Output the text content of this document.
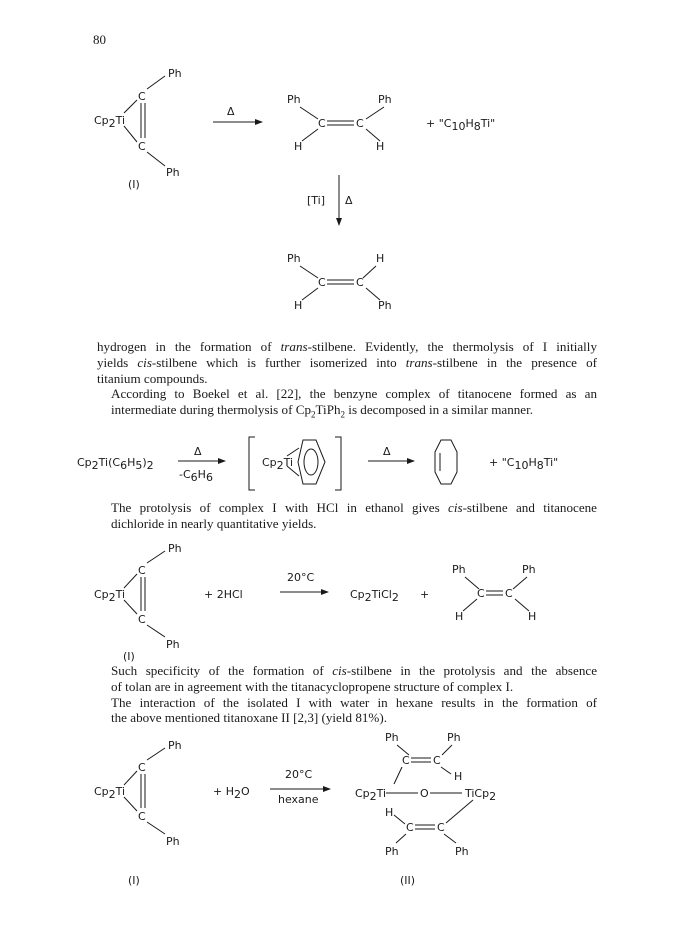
80
Cp2Ti
C
C
Ph
Ph
(I)
Δ
Ph	Ph
C	C
H	H
+ "C10H8Ti"
[Ti] Δ
Ph	H
C	C
H	Ph

hydrogen in the formation of trans-stilbene. Evidently, the thermolysis of I initially
yields cis-stilbene which is further isomerized into trans-stilbene in the presence of
titanium compounds.

According to Boekel et al. [22], the benzyne complex of titanocene formed as an
intermediate during thermolysis of $Cp_2TiPh_2$ is decomposed in a similar manner.

Cp2Ti(C6H5)2
Δ
-C6H6
Cp2Ti
Δ
+ "C10H8Ti"

The protolysis of complex I with HCl in ethanol gives cis-stilbene and titanocene
dichloride in nearly quantitative yields.

Cp2Ti
C
C
Ph
Ph
+ 2HCl
20°C
Cp2TiCl2 +
Ph	Ph
C C
H	H
(I)

Such specificity of the formation of cis-stilbene in the protolysis and the absence
of tolan are in agreement with the titanacyclopropene structure of complex I.

The interaction of the isolated I with water in hexane results in the formation of
the above mentioned titanoxane II [2,3] (yield 81%).

Cp2Ti
C
C
Ph
Ph
(I)
+ H2O
20°C
hexane
Ph	Ph
C C
H
Cp2Ti	O	TiCp2
H
C C
Ph	Ph
(II)
